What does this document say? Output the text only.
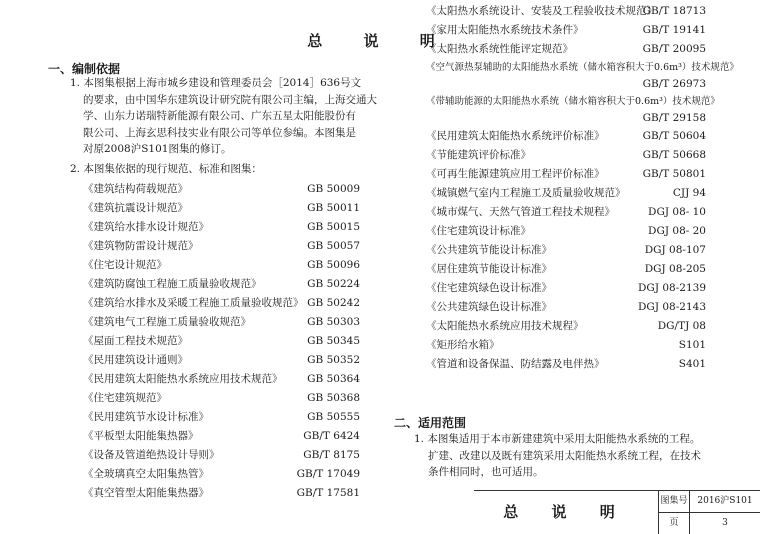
总 说 明
一、编制依据
1. 本图集根据上海市城乡建设和管理委员会［2014］636号文
的要求，由中国华东建筑设计研究院有限公司主编，上海交通大
学、山东力诺瑞特新能源有限公司、广东五星太阳能股份有
限公司、上海玄思科技实业有限公司等单位参编。本图集是
对原2008沪S101图集的修订。
2. 本图集依据的现行规范、标准和图集：
《建筑结构荷载规范》	GB 50009
《建筑抗震设计规范》	GB 50011
《建筑给水排水设计规范》	GB 50015
《建筑物防雷设计规范》	GB 50057
《住宅设计规范》	GB 50096
《建筑防腐蚀工程施工质量验收规范》	GB 50224
《建筑给水排水及采暖工程施工质量验收规范》 GB 50242
《建筑电气工程施工质量验收规范》	GB 50303
《屋面工程技术规范》	GB 50345
《民用建筑设计通则》	GB 50352
《民用建筑太阳能热水系统应用技术规范》 GB 50364
《住宅建筑规范》	GB 50368
《民用建筑节水设计标准》	GB 50555
《平板型太阳能集热器》	GB/T 6424
《设备及管道绝热设计导则》	GB/T 8175
《全玻璃真空太阳集热管》	GB/T 17049
《真空管型太阳能集热器》	GB/T 17581
《太阳热水系统设计、安装及工程验收技术规范》
GB/T 18713
《家用太阳能热水系统技术条件》	GB/T 19141
《太阳热水系统性能评定规范》	GB/T 20095
《空气源热泵辅助的太阳能热水系统（储水箱容积大于0.6m³）技术规范》
GB/T 26973
《带辅助能源的太阳能热水系统（储水箱容积大于0.6m³）技术规范》
GB/T 29158
《民用建筑太阳能热水系统评价标准》	GB/T 50604
《节能建筑评价标准》	GB/T 50668
《可再生能源建筑应用工程评价标准》	GB/T 50801
《城镇燃气室内工程施工及质量验收规范》	CJJ 94
《城市煤气、天然气管道工程技术规程》	DGJ 08- 10
《住宅建筑设计标准》	DGJ 08- 20
《公共建筑节能设计标准》	DGJ 08-107
《居住建筑节能设计标准》	DGJ 08-205
《住宅建筑绿色设计标准》	DGJ 08-2139
《公共建筑绿色设计标准》	DGJ 08-2143
《太阳能热水系统应用技术规程》	DG/TJ 08
《矩形给水箱》	S101
《管道和设备保温、防结露及电伴热》	S401
二、适用范围
1. 本图集适用于本市新建建筑中采用太阳能热水系统的工程。
扩建、改建以及既有建筑采用太阳能热水系统工程，在技术
条件相同时，也可适用。
总 说 明
图集号	2016沪S101
页	3
